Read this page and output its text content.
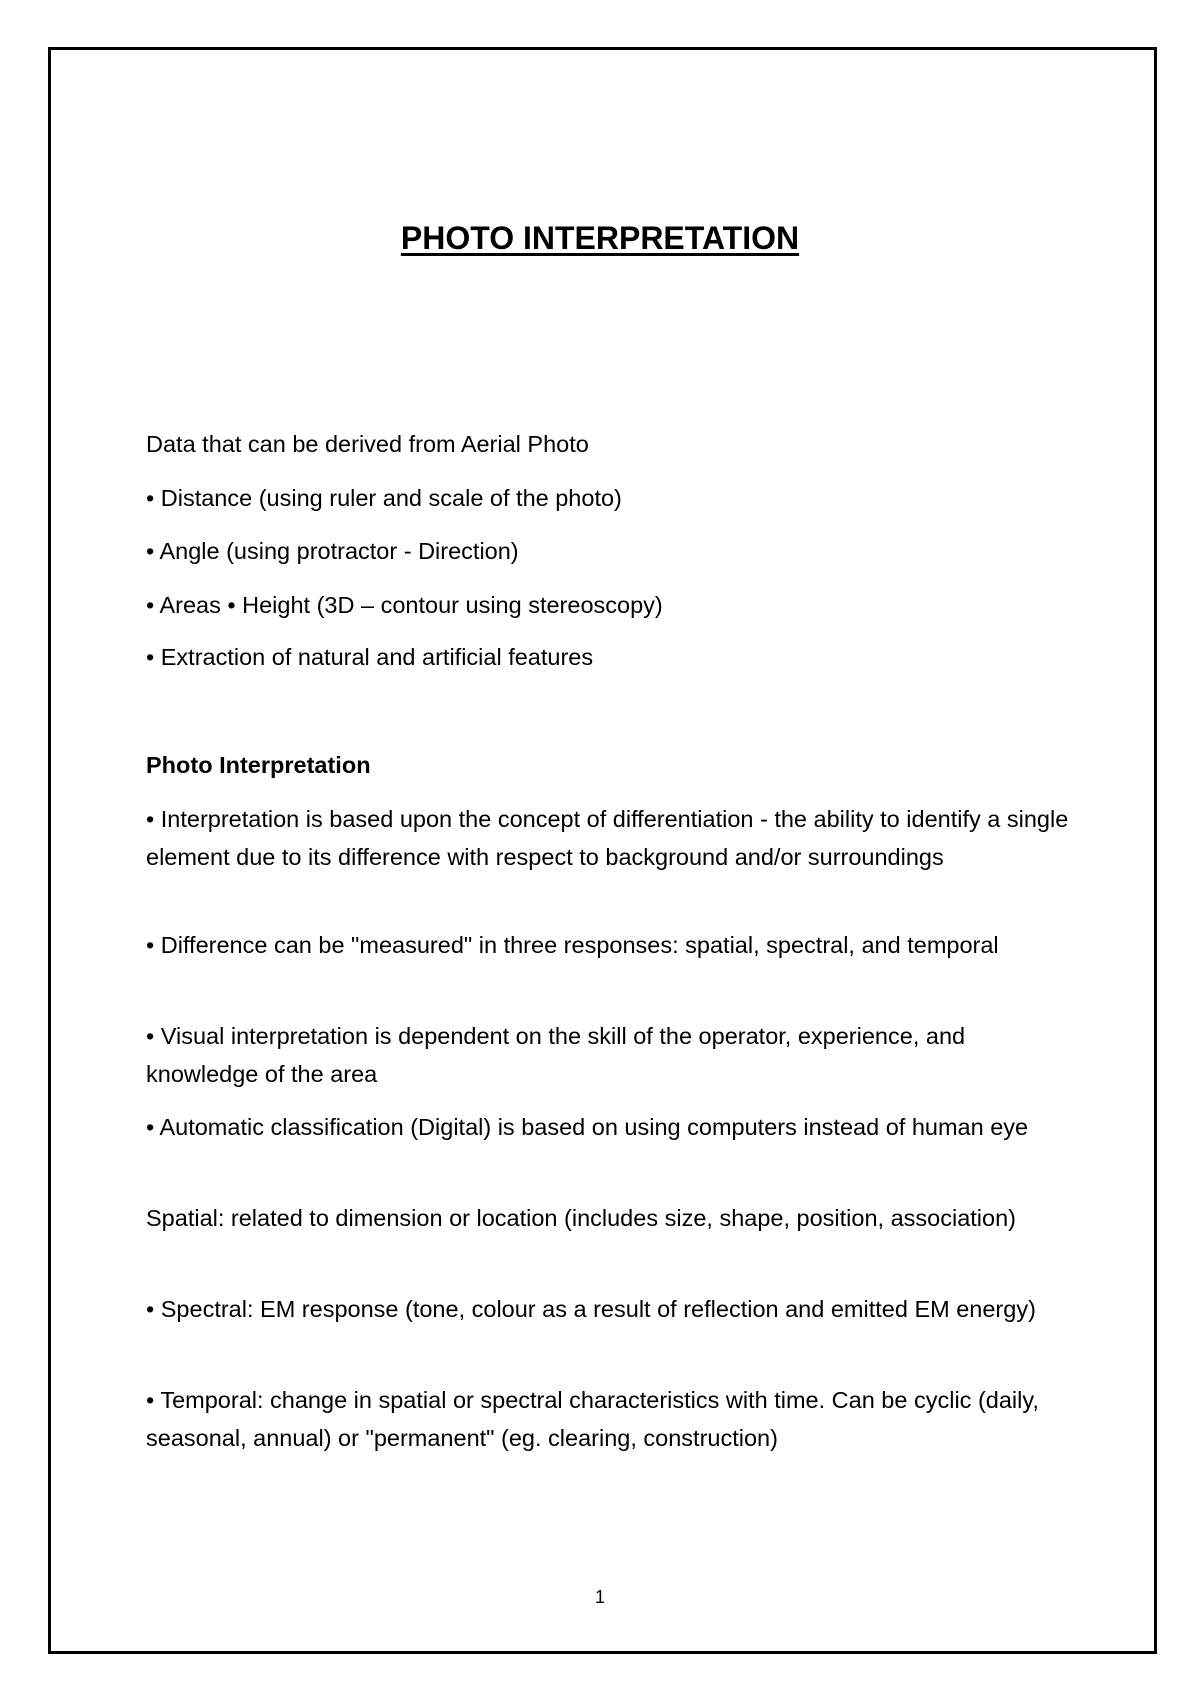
PHOTO INTERPRETATION

Data that can be derived from Aerial Photo

• Distance (using ruler and scale of the photo)

• Angle (using protractor - Direction)

• Areas • Height (3D – contour using stereoscopy)

• Extraction of natural and artificial features

Photo Interpretation

• Interpretation is based upon the concept of differentiation - the ability to identify a single element due to its difference with respect to background and/or surroundings

• Difference can be "measured" in three responses: spatial, spectral, and temporal

• Visual interpretation is dependent on the skill of the operator, experience, and knowledge of the area

• Automatic classification (Digital) is based on using computers instead of human eye

Spatial: related to dimension or location (includes size, shape, position, association)

• Spectral: EM response (tone, colour as a result of reflection and emitted EM energy)

• Temporal: change in spatial or spectral characteristics with time. Can be cyclic (daily, seasonal, annual) or "permanent" (eg. clearing, construction)

1
